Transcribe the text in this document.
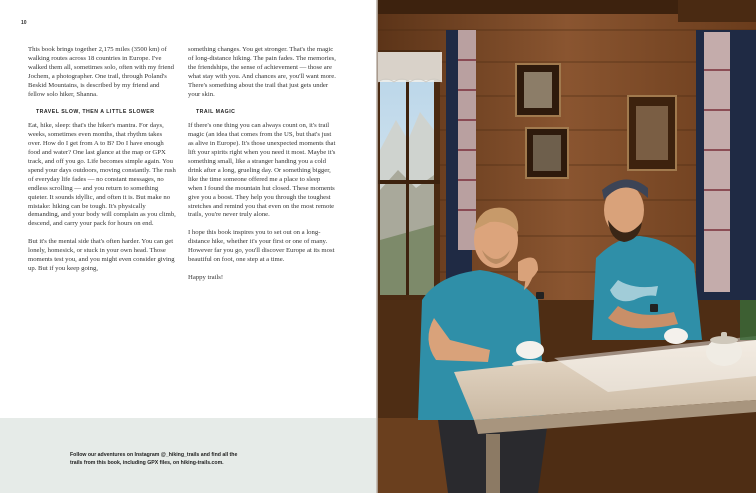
10

This book brings together 2,175 miles (3500 km) of walking routes across 18 countries in Europe. I've walked them all, sometimes solo, often with my friend Jochem, a photographer. One trail, through Poland's Beskid Mountains, is described by my friend and fellow solo hiker, Shanna.

TRAVEL SLOW, THEN A LITTLE SLOWER

Eat, hike, sleep: that's the hiker's mantra. For days, weeks, sometimes even months, that rhythm takes over. How do I get from A to B? Do I have enough food and water? One last glance at the map or GPX track, and off you go. Life becomes simple again. You spend your days outdoors, moving constantly. The rush of everyday life fades — no constant messages, no endless scrolling — and you return to something quieter. It sounds idyllic, and often it is. But make no mistake: hiking can be tough. It's physically demanding, and your body will complain as you climb, descend, and carry your pack for hours on end.

But it's the mental side that's often harder. You can get lonely, homesick, or stuck in your own head. Those moments test you, and you might even consider giving up. But if you keep going,

something changes. You get stronger. That's the magic of long-distance hiking. The pain fades. The memories, the friendships, the sense of achievement — those are what stay with you. And chances are, you'll want more. There's something about the trail that just gets under your skin.

TRAIL MAGIC

If there's one thing you can always count on, it's trail magic (an idea that comes from the US, but that's just as alive in Europe). It's those unexpected moments that lift your spirits right when you need it most. Maybe it's something small, like a stranger handing you a cold drink after a long, grueling day. Or something bigger, like the time someone offered me a place to sleep when I found the mountain hut closed. These moments give you a boost. They help you through the toughest stretches and remind you that even on the most remote trails, you're never truly alone.

I hope this book inspires you to set out on a long-distance hike, whether it's your first or one of many. However far you go, you'll discover Europe at its most beautiful on foot, one step at a time.

Happy trails!

Follow our adventures on Instagram @_hiking_trails and find all the
trails from this book, including GPX files, on hiking-trails.com.
